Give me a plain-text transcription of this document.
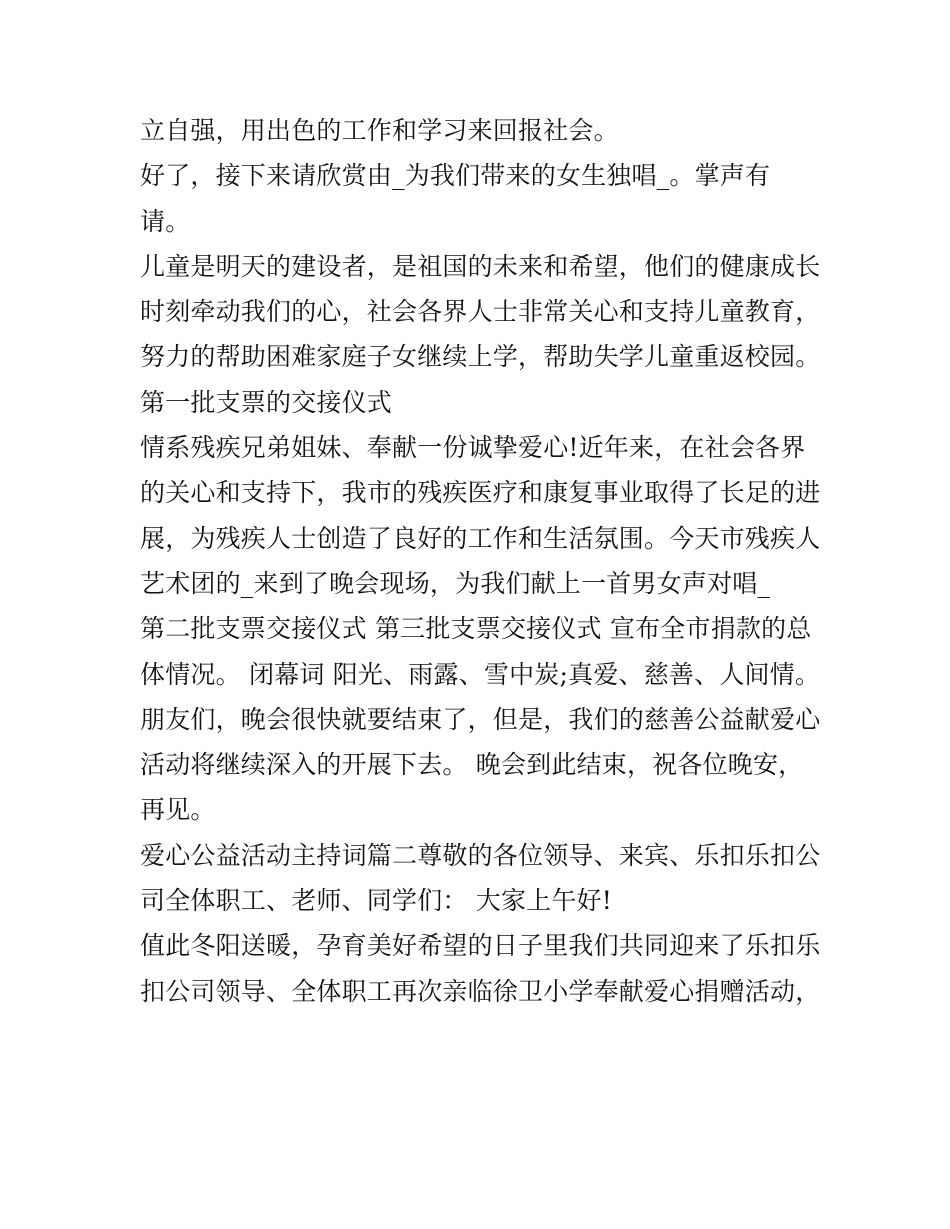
立自强，用出色的工作和学习来回报社会。
好了，接下来请欣赏由_为我们带来的女生独唱_。掌声有
请。
儿童是明天的建设者，是祖国的未来和希望，他们的健康成长
时刻牵动我们的心，社会各界人士非常关心和支持儿童教育，
努力的帮助困难家庭子女继续上学，帮助失学儿童重返校园。
第一批支票的交接仪式
情系残疾兄弟姐妹、奉献一份诚挚爱心!近年来，在社会各界
的关心和支持下，我市的残疾医疗和康复事业取得了长足的进
展，为残疾人士创造了良好的工作和生活氛围。今天市残疾人
艺术团的_来到了晚会现场，为我们献上一首男女声对唱_
第二批支票交接仪式 第三批支票交接仪式 宣布全市捐款的总
体情况。 闭幕词 阳光、雨露、雪中炭;真爱、慈善、人间情。
朋友们，晚会很快就要结束了，但是，我们的慈善公益献爱心
活动将继续深入的开展下去。 晚会到此结束，祝各位晚安，
再见。
爱心公益活动主持词篇二尊敬的各位领导、来宾、乐扣乐扣公
司全体职工、老师、同学们： 大家上午好!
值此冬阳送暖，孕育美好希望的日子里我们共同迎来了乐扣乐
扣公司领导、全体职工再次亲临徐卫小学奉献爱心捐赠活动，
